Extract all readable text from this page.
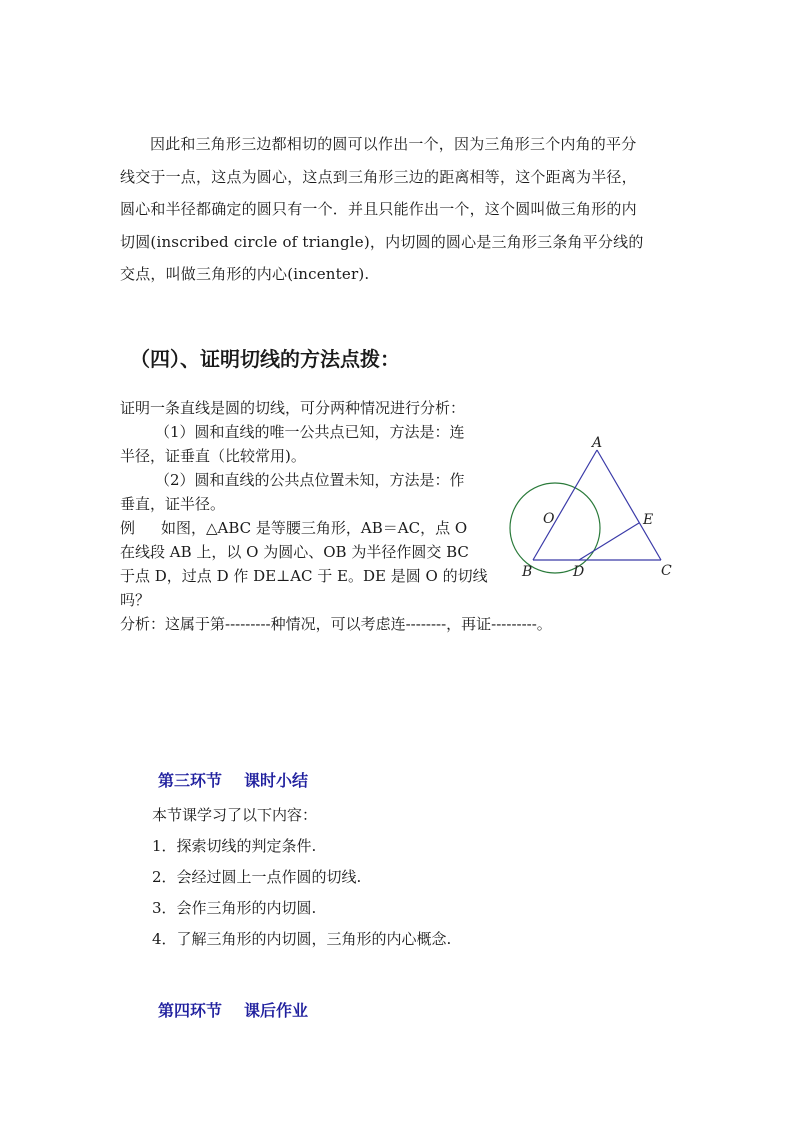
因此和三角形三边都相切的圆可以作出一个，因为三角形三个内角的平分
线交于一点，这点为圆心，这点到三角形三边的距离相等，这个距离为半径，
圆心和半径都确定的圆只有一个．并且只能作出一个，这个圆叫做三角形的内
切圆(inscribed circle of triangle)，内切圆的圆心是三角形三条角平分线的
交点，叫做三角形的内心(incenter).
（四）、证明切线的方法点拨：
证明一条直线是圆的切线，可分两种情况进行分析：
（1）圆和直线的唯一公共点已知，方法是：连
半径，证垂直（比较常用)。
（2）圆和直线的公共点位置未知，方法是：作
垂直，证半径。
例 如图，△ABC 是等腰三角形，AB＝AC，点 O
在线段 AB 上，以 O 为圆心、OB 为半径作圆交 BC
于点 D，过点 D 作 DE⊥AC 于 E。DE 是圆 O 的切线
吗？
分析：这属于第---------种情况，可以考虑连--------，再证---------。
A
O	E
B	D	C
第三环节 课时小结
本节课学习了以下内容：
1．探索切线的判定条件.
2．会经过圆上一点作圆的切线.
3．会作三角形的内切圆.
4．了解三角形的内切圆，三角形的内心概念.
第四环节 课后作业
